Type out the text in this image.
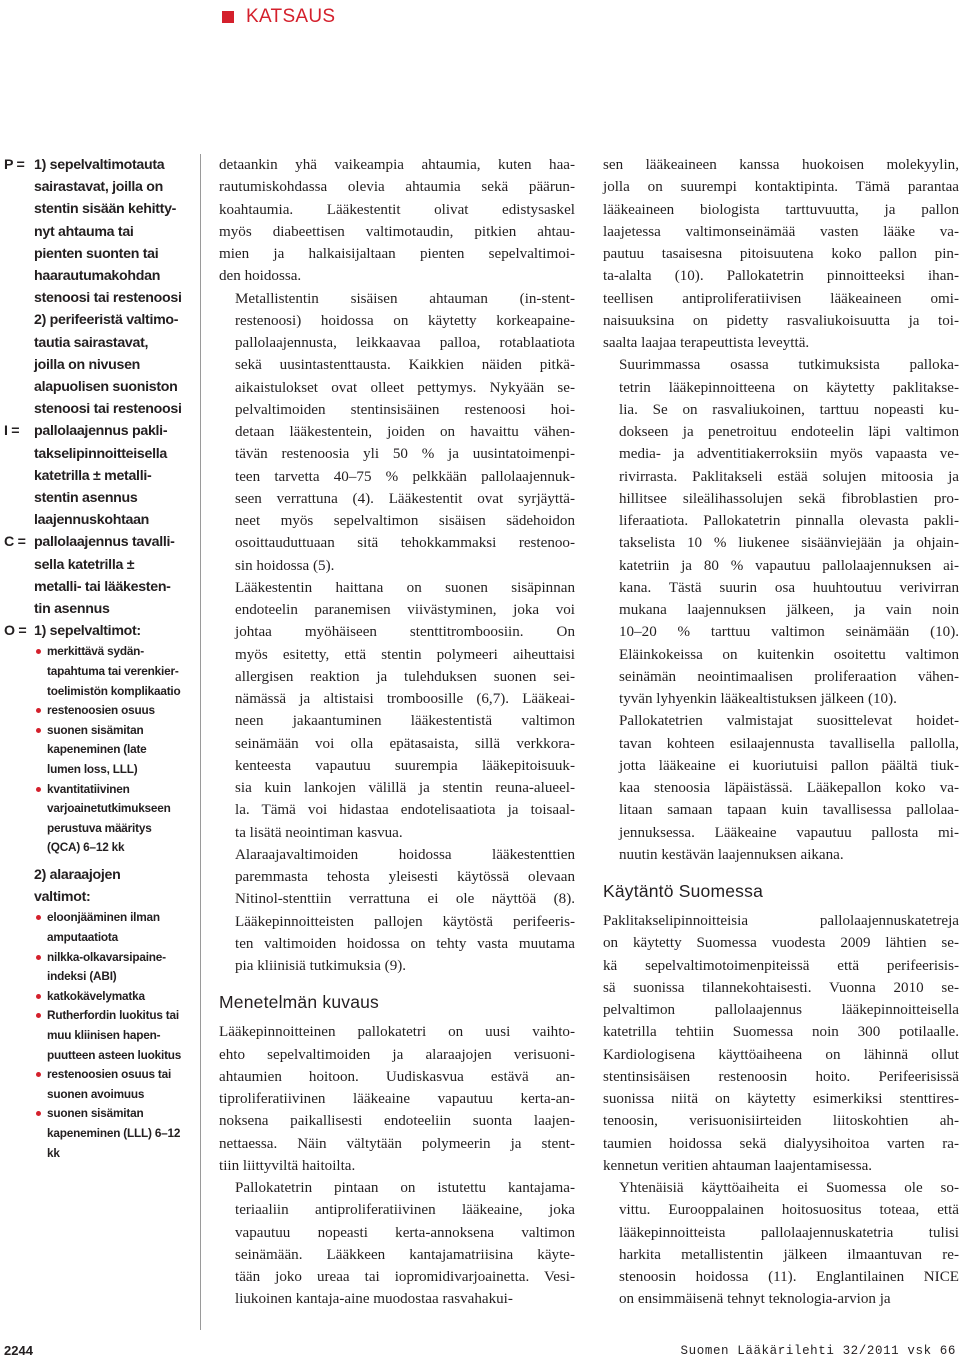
KATSAUS
P = 1) sepelvaltimotauta
sairastavat, joilla on
stentin sisään kehitty-
nyt ahtauma tai
pienten suonten tai
haarautumakohdan
stenoosi tai restenoosi
2) perifeeristä valtimo-
tautia sairastavat,
joilla on nivusen
alapuolisen suoniston
stenoosi tai restenoosi
I =	pallolaajennus pakli-
takselipinnoitteisella
katetrilla ± metalli-
stentin asennus
laajennuskohtaan
C = pallolaajennus tavalli-
sella katetrilla ±
metalli- tai lääkesten-
tin asennus
O = 1) sepelvaltimot:
merkittävä sydän-
tapahtuma tai verenkier-
toelimistön komplikaatio
restenoosien osuus
suonen sisämitan
kapeneminen (late
lumen loss, LLL)
kvantitatiivinen
varjoainetutkimukseen
perustuva määritys
(QCA) 6–12 kk
2) alaraajojen
valtimot:
eloonjääminen ilman
amputaatiota
nilkka-olkavarsipaine-
indeksi (ABI)
katkokävelymatka
Rutherfordin luokitus tai
muu kliinisen hapen-
puutteen asteen luokitus
restenoosien osuus tai
suonen avoimuus
suonen sisämitan
kapeneminen (LLL) 6–12
kk

detaankin yhä vaikeampia ahtaumia, kuten haa-
rautumiskohdassa olevia ahtaumia sekä päärun-
koahtaumia. Lääkestentit olivat edistysaskel
myös diabeettisen valtimotaudin, pitkien ahtau-
mien ja halkaisijaltaan pienten sepelvaltimoi-
den hoidossa.

Metallistentin sisäisen ahtauman (in-stent-
restenoosi) hoidossa on käytetty korkeapaine-
pallolaajennusta, leikkaavaa palloa, rotablaatiota
sekä uusintastenttausta. Kaikkien näiden pitkä-
aikaistulokset ovat olleet pettymys. Nykyään se-
pelvaltimoiden stentinsisäinen restenoosi hoi-
detaan lääkestentein, joiden on havaittu vähen-
tävän restenoosia yli 50 % ja uusintatoimenpi-
teen tarvetta 40–75 % pelkkään pallolaajennuk-
seen verrattuna (4). Lääkestentit ovat syrjäyttä-
neet myös sepelvaltimon sisäisen sädehoidon
osoittauduttuaan sitä tehokkammaksi restenoo-
sin hoidossa (5).

Lääkestentin haittana on suonen sisäpinnan
endoteelin paranemisen viivästyminen, joka voi
johtaa myöhäiseen stenttitromboosiin. On
myös esitetty, että stentin polymeeri aiheuttaisi
allergisen reaktion ja tulehduksen suonen sei-
nämässä ja altistaisi tromboosille (6,7). Lääkeai-
neen jakaantuminen lääkestentistä valtimon
seinämään voi olla epätasaista, sillä verkkora-
kenteesta vapautuu suurempia lääkepitoisuuk-
sia kuin lankojen välillä ja stentin reuna-alueel-
la. Tämä voi hidastaa endotelisaatiota ja toisaal-
ta lisätä neointiman kasvua.

Alaraajavaltimoiden hoidossa lääkestenttien
paremmasta tehosta yleisesti käytössä olevaan
Nitinol-stenttiin verrattuna ei ole näyttöä (8).
Lääkepinnoitteisten pallojen käytöstä perifeeris-
ten valtimoiden hoidossa on tehty vasta muutama
pia kliinisiä tutkimuksia (9).

Menetelmän kuvaus

Lääkepinnoitteinen pallokatetri on uusi vaihto-
ehto sepelvaltimoiden ja alaraajojen verisuoni-
ahtaumien hoitoon. Uudiskasvua estävä an-
tiproliferatiivinen lääkeaine vapautuu kerta-an-
noksena paikallisesti endoteeliin suonta laajen-
nettaessa. Näin vältytään polymeerin ja stent-
tiin liittyviltä haitoilta.

Pallokatetrin pintaan on istutettu kantajama-
teriaaliin antiproliferatiivinen lääkeaine, joka
vapautuu nopeasti kerta-annoksena valtimon
seinämään. Lääkkeen kantajamatriisina käyte-
tään joko ureaa tai iopromidivarjoainetta. Vesi-
liukoinen kantaja-aine muodostaa rasvahakui-

sen lääkeaineen kanssa huokoisen molekyylin,
jolla on suurempi kontaktipinta. Tämä parantaa
lääkeaineen biologista tarttuvuutta, ja pallon
laajetessa valtimonseinämää vasten lääke va-
pautuu tasaisesna pitoisuutena koko pallon pin-
ta-alalta (10). Pallokatetrin pinnoitteeksi ihan-
teellisen antiproliferatiivisen lääkeaineen omi-
naisuuksina on pidetty rasvaliukoisuutta ja toi-
saalta laajaa terapeuttista leveyttä.

Suurimmassa osassa tutkimuksista palloka-
tetrin lääkepinnoitteena on käytetty paklitakse-
lia. Se on rasvaliukoinen, tarttuu nopeasti ku-
dokseen ja penetroituu endoteelin läpi valtimon
media- ja adventitiakerroksiin myös vapaasta ve-
rivirrasta. Paklitakseli estää solujen mitoosia ja
hillitsee sileälihassolujen sekä fibroblastien pro-
liferaatiota. Pallokatetrin pinnalla olevasta pakli-
takselista 10 % liukenee sisäänviejään ja ohjain-
katetriin ja 80 % vapautuu pallolaajennuksen ai-
kana. Tästä suurin osa huuhtoutuu verivirran
mukana laajennuksen jälkeen, ja vain noin
10–20 % tarttuu valtimon seinämään (10).
Eläinkokeissa on kuitenkin osoitettu valtimon
seinämän neointimaalisen proliferaation vähen-
tyvän lyhyenkin lääkealtistuksen jälkeen (10).

Pallokatetrien valmistajat suosittelevat hoidet-
tavan kohteen esilaajennusta tavallisella pallolla,
jotta lääkeaine ei kuoriutuisi pallon päältä tiuk-
kaa stenoosia läpäistässä. Lääkepallon koko va-
litaan samaan tapaan kuin tavallisessa pallolaa-
jennuksessa. Lääkeaine vapautuu pallosta mi-
nuutin kestävän laajennuksen aikana.

Käytäntö Suomessa

Paklitakselipinnoitteisia pallolaajennuskatetreja
on käytetty Suomessa vuodesta 2009 lähtien se-
kä sepelvaltimotoimenpiteissä että perifeerisis-
sä suonissa tilannekohtaisesti. Vuonna 2010 se-
pelvaltimon pallolaajennus lääkepinnoitteisella
katetrilla tehtiin Suomessa noin 300 potilaalle.
Kardiologisena käyttöaiheena on lähinnä ollut
stentinsisäisen restenoosin hoito. Perifeerisissä
suonissa niitä on käytetty esimerkiksi stenttires-
tenoosin, verisuonisiirteiden liitoskohtien ah-
taumien hoidossa sekä dialyysihoitoa varten ra-
kennetun veritien ahtauman laajentamisessa.

Yhtenäisiä käyttöaiheita ei Suomessa ole so-
vittu. Eurooppalainen hoitosuositus toteaa, että
lääkepinnoitteista pallolaajennuskatetria tulisi
harkita metallistentin jälkeen ilmaantuvan re-
stenoosin hoidossa (11). Englantilainen NICE
on ensimmäisenä tehnyt teknologia-arvion ja

2244	Suomen Lääkärilehti 32/2011 vsk 66
